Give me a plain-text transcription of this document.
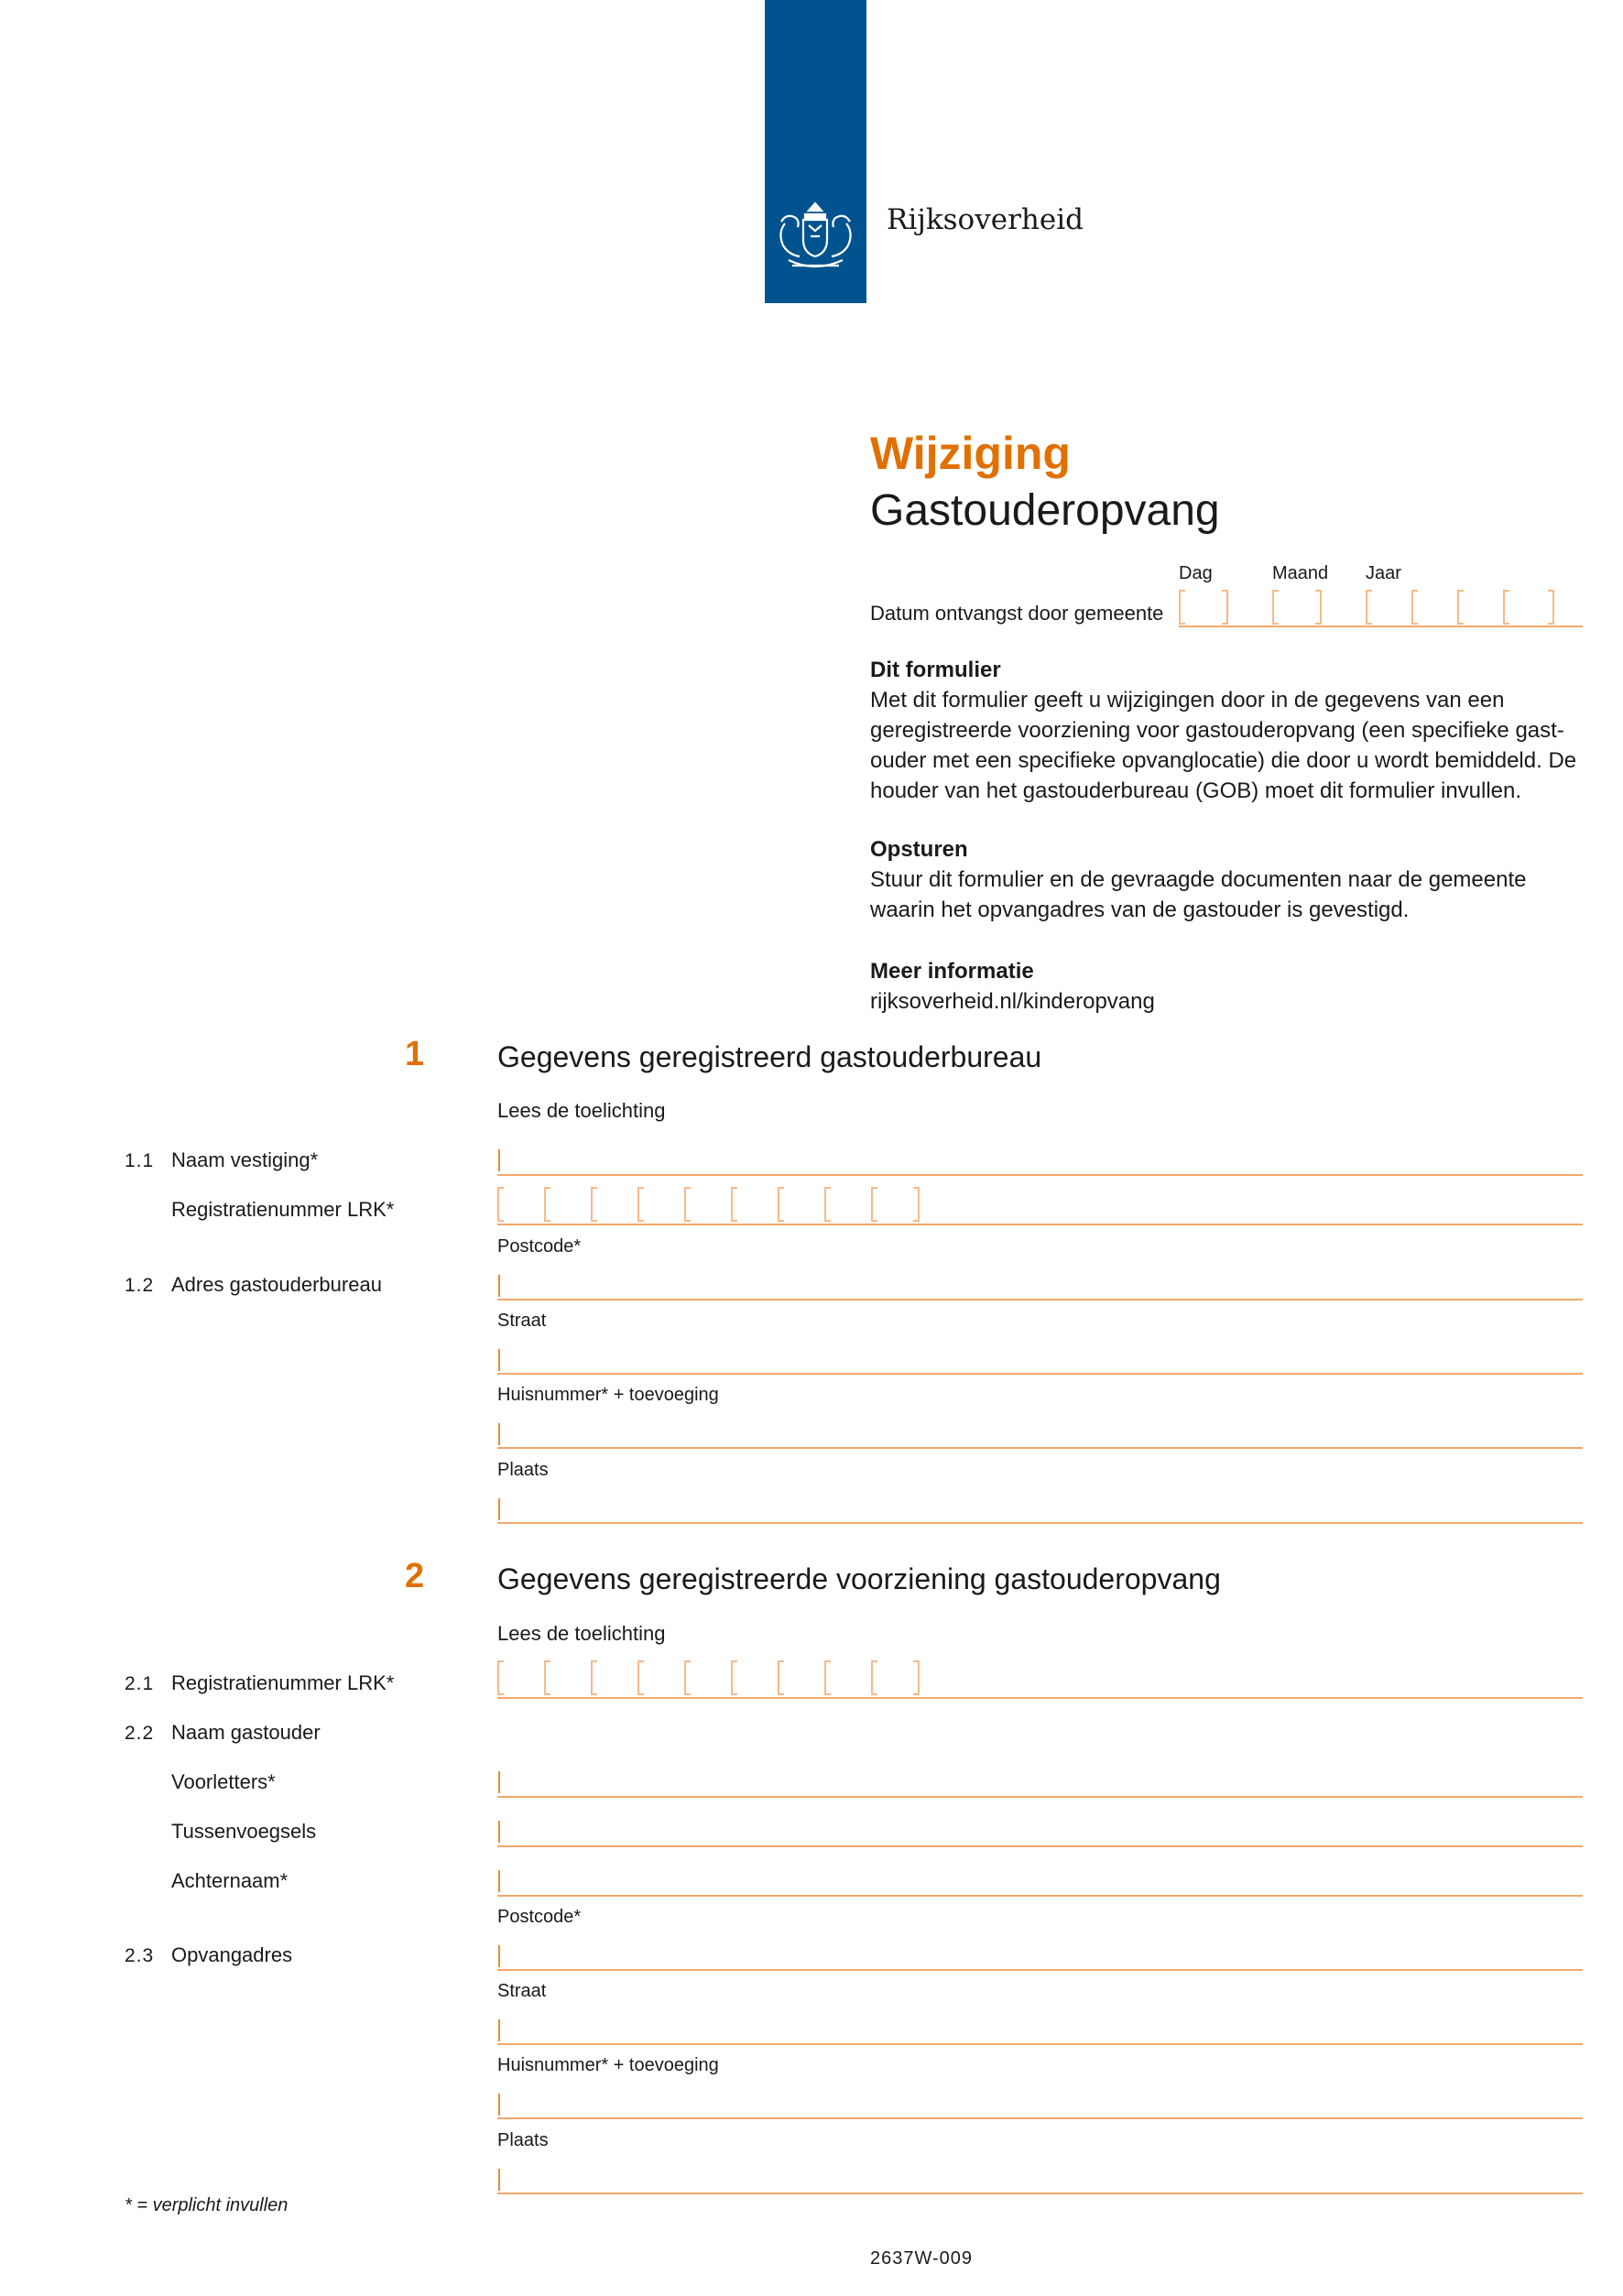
Rijksoverheid
Wijziging
Gastouderopvang
Dag	Maand Jaar
Datum ontvangst door gemeente
Dit formulier
Met dit formulier geeft u wijzigingen door in de gegevens van een geregistreerde voorziening voor gastouderopvang (een specifieke gast-ouder met een specifieke opvanglocatie) die door u wordt bemiddeld. De houder van het gastouderbureau (GOB) moet dit formulier invullen.
Opsturen
Stuur dit formulier en de gevraagde documenten naar de gemeente waarin het opvangadres van de gastouder is gevestigd.
Meer informatie
rijksoverheid.nl/kinderopvang
1 Gegevens geregistreerd gastouderbureau
Lees de toelichting
1.1 Naam vestiging*
Registratienummer LRK*
Postcode*
1.2 Adres gastouderbureau
Straat
Huisnummer* + toevoeging
Plaats
2 Gegevens geregistreerde voorziening gastouderopvang
Lees de toelichting
2.1 Registratienummer LRK*
2.2 Naam gastouder
Voorletters*
Tussenvoegsels
Achternaam*
Postcode*
2.3 Opvangadres
Straat
Huisnummer* + toevoeging
Plaats
* = verplicht invullen
2637W-009
